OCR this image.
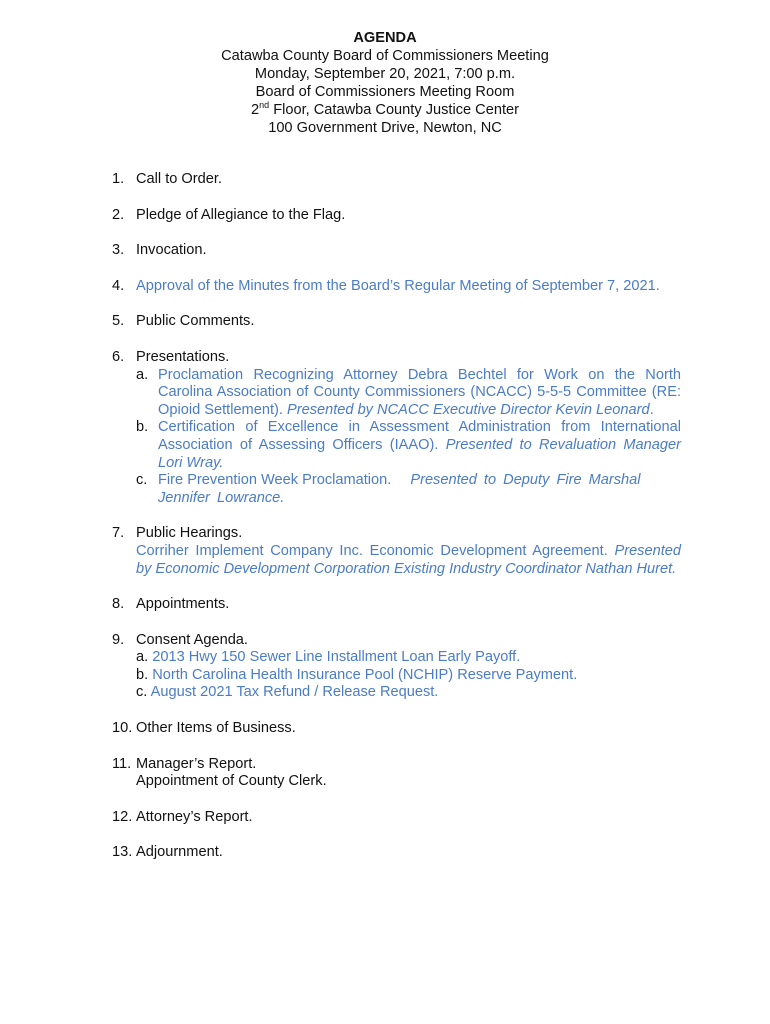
AGENDA
Catawba County Board of Commissioners Meeting
Monday, September 20, 2021, 7:00 p.m.
Board of Commissioners Meeting Room
2nd Floor, Catawba County Justice Center
100 Government Drive, Newton, NC
1. Call to Order.
2. Pledge of Allegiance to the Flag.
3. Invocation.
4. Approval of the Minutes from the Board’s Regular Meeting of September 7, 2021.
5. Public Comments.
6. Presentations.
a. Proclamation Recognizing Attorney Debra Bechtel for Work on the North Carolina Association of County Commissioners (NCACC) 5-5-5 Committee (RE: Opioid Settlement). Presented by NCACC Executive Director Kevin Leonard.
b. Certification of Excellence in Assessment Administration from International Association of Assessing Officers (IAAO). Presented to Revaluation Manager Lori Wray.
c. Fire Prevention Week Proclamation. Presented to Deputy Fire Marshal Jennifer Lowrance.
7. Public Hearings.
Corriher Implement Company Inc. Economic Development Agreement. Presented by Economic Development Corporation Existing Industry Coordinator Nathan Huret.
8. Appointments.
9. Consent Agenda.
a. 2013 Hwy 150 Sewer Line Installment Loan Early Payoff.
b. North Carolina Health Insurance Pool (NCHIP) Reserve Payment.
c. August 2021 Tax Refund / Release Request.
10. Other Items of Business.
11. Manager’s Report.
Appointment of County Clerk.
12. Attorney’s Report.
13. Adjournment.
